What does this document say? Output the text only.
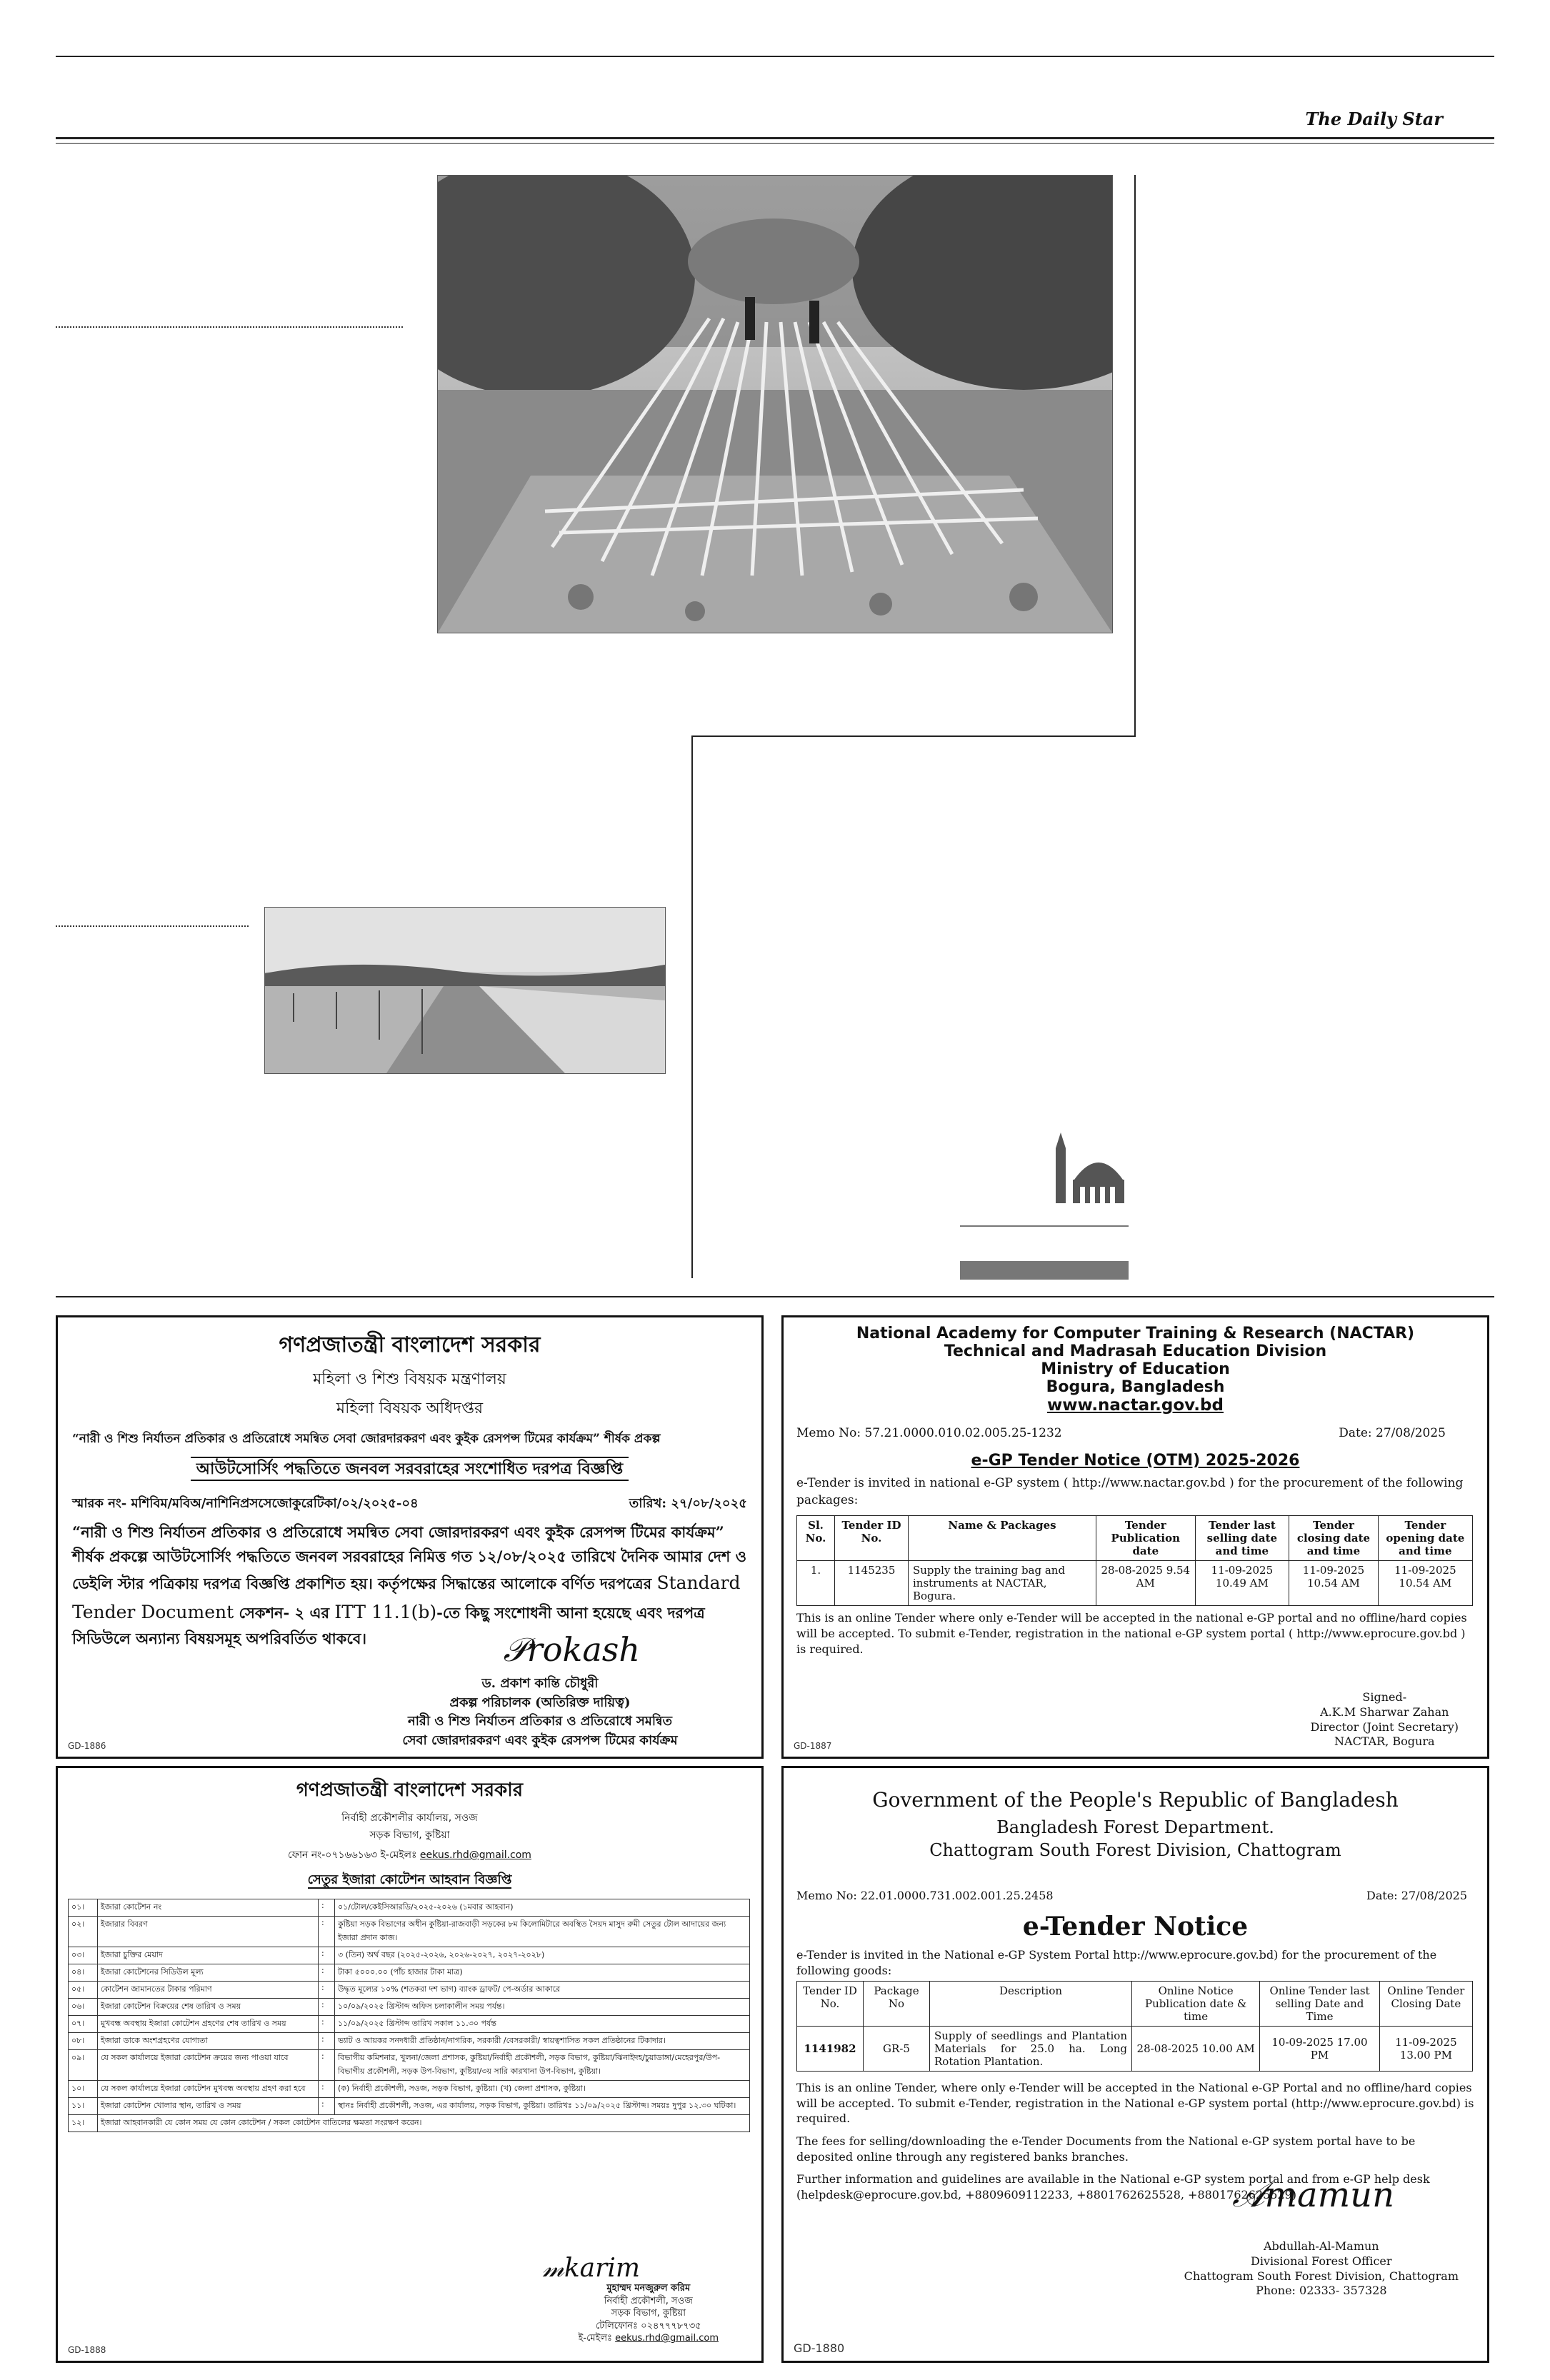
The Daily Star
গণপ্রজাতন্ত্রী বাংলাদেশ সরকার
মহিলা ও শিশু বিষয়ক মন্ত্রণালয়
মহিলা বিষয়ক অধিদপ্তর
“নারী ও শিশু নির্যাতন প্রতিকার ও প্রতিরোধে সমন্বিত সেবা জোরদারকরণ এবং কুইক রেসপন্স টিমের কার্যক্রম” শীর্ষক প্রকল্প
আউটসোর্সিং পদ্ধতিতে জনবল সরবরাহের সংশোধিত দরপত্র বিজ্ঞপ্তি
স্মারক নং- মশিবিম/মবিঅ/নাশিনিপ্রসসেজোকুরেটিকা/০২/২০২৫-০৪	তারিখ: ২৭/০৮/২০২৫
“নারী ও শিশু নির্যাতন প্রতিকার ও প্রতিরোধে সমন্বিত সেবা জোরদারকরণ এবং কুইক রেসপন্স টিমের কার্যক্রম” শীর্ষক প্রকল্পে আউটসোর্সিং পদ্ধতিতে জনবল সরবরাহের নিমিত্ত গত ১২/০৮/২০২৫ তারিখে দৈনিক আমার দেশ ও ডেইলি স্টার পত্রিকায় দরপত্র বিজ্ঞপ্তি প্রকাশিত হয়। কর্তৃপক্ষের সিদ্ধান্তের আলোকে বর্ণিত দরপত্রের Standard Tender Document সেকশন- ২ এর ITT 11.1(b)-তে কিছু সংশোধনী আনা হয়েছে এবং দরপত্র সিডিউলে অন্যান্য বিষয়সমূহ অপরিবর্তিত থাকবে।	𝒫rokash
ড. প্রকাশ কান্তি চৌধুরী
প্রকল্প পরিচালক (অতিরিক্ত দায়িত্ব)
নারী ও শিশু নির্যাতন প্রতিকার ও প্রতিরোধে সমন্বিত
সেবা জোরদারকরণ এবং কুইক রেসপন্স টিমের কার্যক্রম
GD-1886
National Academy for Computer Training & Research (NACTAR)
Technical and Madrasah Education Division
Ministry of Education
Bogura, Bangladesh
www.nactar.gov.bd
Memo No: 57.21.0000.010.02.005.25-1232	Date: 27/08/2025
e-GP Tender Notice (OTM) 2025-2026
e-Tender is invited in national e-GP system ( http://www.nactar.gov.bd ) for the procurement of the following packages:
Sl. No.	Tender ID No.	Name & Packages	Tender Publication date	Tender last selling date and time	Tender closing date and time	Tender opening date and time
1.	1145235	Supply the training bag and instruments at NACTAR, Bogura.	28-08-2025 9.54 AM	11-09-2025 10.49 AM	11-09-2025 10.54 AM	11-09-2025 10.54 AM
This is an online Tender where only e-Tender will be accepted in the national e-GP portal and no offline/hard copies will be accepted. To submit e-Tender, registration in the national e-GP system portal ( http://www.eprocure.gov.bd ) is required.
Signed-
A.K.M Sharwar Zahan
Director (Joint Secretary)
NACTAR, Bogura
GD-1887
গণপ্রজাতন্ত্রী বাংলাদেশ সরকার
নির্বাহী প্রকৌশলীর কার্যালয়, সওজ
সড়ক বিভাগ, কুষ্টিয়া
ফোন নং-০৭১৬৬১৬৩ ই-মেইলঃ eekus.rhd@gmail.com
সেতুর ইজারা কোটেশন আহবান বিজ্ঞপ্তি
০১।	ইজারা কোটেশন নং	:	০১/টোল/কেইসিআরডি/২০২৫-২০২৬ (১মবার আহবান)
০২।	ইজারার বিবরণ	:	কুষ্টিয়া সড়ক বিভাগের অধীন কুষ্টিয়া-রাজবাড়ী সড়কের ৮ম কিলোমিটারে অবস্থিত সৈয়দ মাসুদ রুমী সেতুর টোল আদায়ের জন্য ইজারা প্রদান কাজ।
০৩।	ইজারা চুক্তির মেয়াদ	:	৩ (তিন) অর্থ বছর (২০২৫-২০২৬, ২০২৬-২০২৭, ২০২৭-২০২৮)
০৪।	ইজারা কোটেশনের সিডিউল মূল্য	:	টাকা ৫০০০.০০ (পাঁচ হাজার টাকা মাত্র)
০৫।	কোটেশন জামানতের টাকার পরিমাণ	:	উদ্ধৃত মূল্যের ১০% (শতকরা দশ ভাগ) ব্যাংক ড্রাফট/ পে-অর্ডার আকারে
০৬।	ইজারা কোটেশন বিক্রয়ের শেষ তারিখ ও সময়	:	১০/০৯/২০২৫ খ্রিস্টাব্দ অফিস চলাকালীন সময় পর্যন্ত।
০৭।	মুখবন্ধ অবস্থায় ইজারা কোটেশন গ্রহণের শেষ তারিখ ও সময়	:	১১/০৯/২০২৫ খ্রিস্টাব্দ তারিখ সকাল ১১.৩০ পর্যন্ত
০৮।	ইজারা ডাকে অংশগ্রহণের যোগ্যতা	:	ভ্যাট ও আয়কর সনদধারী প্রতিষ্ঠান/নাগরিক, সরকারী /বেসরকারী/ স্বায়ত্বশাসিত সকল প্রতিষ্ঠানের টিকাদার।
০৯।	যে সকল কার্যালয়ে ইজারা কোটেশন ক্রয়ের জন্য পাওয়া যাবে	:	বিভাগীয় কমিশনার, খুলনা/জেলা প্রশাসক, কুষ্টিয়া/নির্বাহী প্রকৌশলী, সড়ক বিভাগ, কুষ্টিয়া/ঝিনাইদহ/চুয়াডাঙ্গা/মেহেরপুর/উপ-বিভাগীয় প্রকৌশলী, সড়ক উপ-বিভাগ, কুষ্টিয়া/৩য় সারি কারখানা উপ-বিভাগ, কুষ্টিয়া।
১০।	যে সকল কার্যালয়ে ইজারা কোটেশন মুখবন্ধ অবস্থায় গ্রহণ করা হবে	:	(ক) নির্বাহী প্রকৌশলী, সওজ, সড়ক বিভাগ, কুষ্টিয়া। (খ) জেলা প্রশাসক, কুষ্টিয়া।
১১।	ইজারা কোটেশন খোলার স্থান, তারিখ ও সময়	:	স্থানঃ নির্বাহী প্রকৌশলী, সওজ, এর কার্যালয়, সড়ক বিভাগ, কুষ্টিয়া। তারিখঃ ১১/০৯/২০২৫ খ্রিস্টাব্দ। সময়ঃ দুপুর ১২.৩০ ঘটিকা।
১২।	ইজারা আহবানকারী যে কোন সময় যে কোন কোটেশন / সকল কোটেশন বাতিলের ক্ষমতা সংরক্ষণ করেন।		
𝓂karim
মুহাম্মদ মনজুরুল করিম
নির্বাহী প্রকৌশলী, সওজ
সড়ক বিভাগ, কুষ্টিয়া
টেলিফোনঃ ০২৪৭৭৭৮৭৩৫
ই-মেইলঃ eekus.rhd@gmail.com
GD-1888
Government of the People's Republic of Bangladesh
Bangladesh Forest Department.
Chattogram South Forest Division, Chattogram
Memo No: 22.01.0000.731.002.001.25.2458	Date: 27/08/2025
e-Tender Notice
e-Tender is invited in the National e-GP System Portal http://www.eprocure.gov.bd) for the procurement of the following goods:
Tender ID No.	Package No	Description	Online Notice Publication date & time	Online Tender last selling Date and Time	Online Tender Closing Date
1141982	GR-5	Supply of seedlings and Plantation Materials for 25.0 ha. Long Rotation Plantation.	28-08-2025 10.00 AM	10-09-2025 17.00 PM	11-09-2025 13.00 PM
This is an online Tender, where only e-Tender will be accepted in the National e-GP Portal and no offline/hard copies will be accepted. To submit e-Tender, registration in the National e-GP system portal (http://www.eprocure.gov.bd) is required.
The fees for selling/downloading the e-Tender Documents from the National e-GP system portal have to be deposited online through any registered banks branches.
Further information and guidelines are available in the National e-GP system portal and from e-GP help desk (helpdesk@eprocure.gov.bd, +8809609112233, +8801762625528, +8801762625529)
𝒜mamun
Abdullah-Al-Mamun
Divisional Forest Officer
Chattogram South Forest Division, Chattogram
Phone: 02333- 357328
GD-1880
